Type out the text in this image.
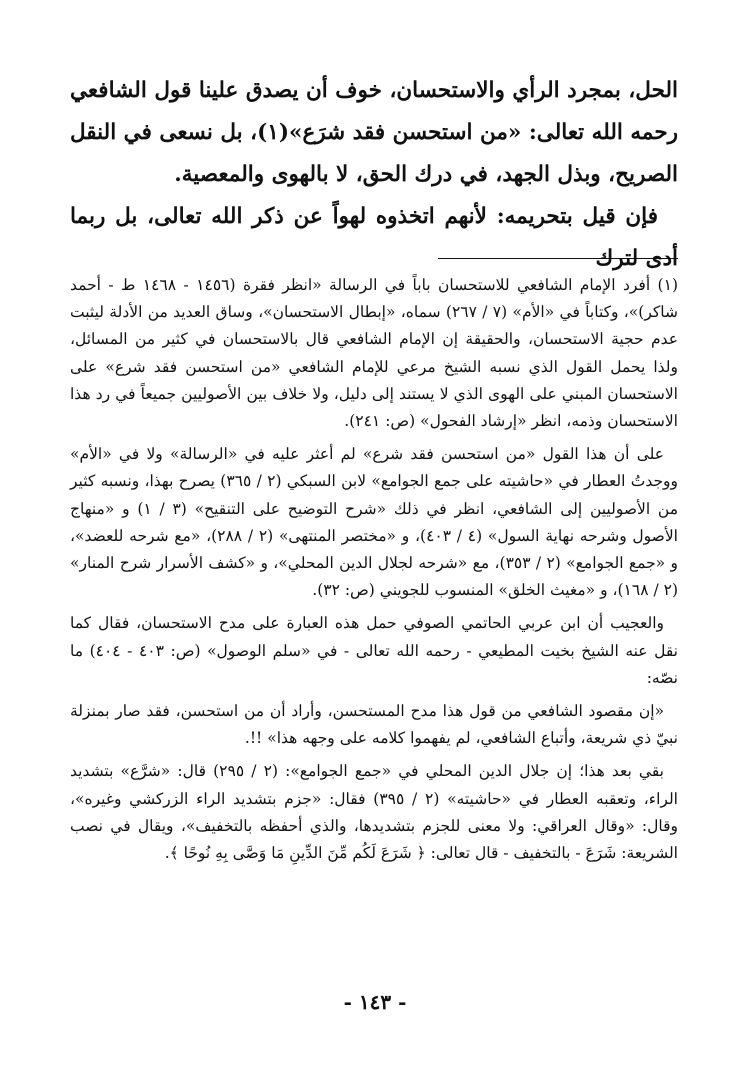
الحل، بمجرد الرأي والاستحسان، خوف أن يصدق علينا قول الشافعي رحمه الله تعالى: «من استحسن فقد شرَع»(١)، بل نسعى في النقل الصريح، وبذل الجهد، في درك الحق، لا بالهوى والمعصية.

فإن قيل بتحريمه: لأنهم اتخذوه لهواً عن ذكر الله تعالى، بل ربما أدى لترك

(١) أفرد الإمام الشافعي للاستحسان باباً في الرسالة «انظر فقرة (١٤٥٦ - ١٤٦٨ ط - أحمد شاكر)»، وكتاباً في «الأم» (٧ / ٢٦٧) سماه، «إبطال الاستحسان»، وساق العديد من الأدلة ليثبت عدم حجية الاستحسان، والحقيقة إن الإمام الشافعي قال بالاستحسان في كثير من المسائل، ولذا يحمل القول الذي نسبه الشيخ مرعي للإمام الشافعي «من استحسن فقد شرع» على الاستحسان المبني على الهوى الذي لا يستند إلى دليل، ولا خلاف بين الأصوليين جميعاً في رد هذا الاستحسان وذمه، انظر «إرشاد الفحول» (ص: ٢٤١).

على أن هذا القول «من استحسن فقد شرع» لم أعثر عليه في «الرسالة» ولا في «الأم» ووجدتُ العطار في «حاشيته على جمع الجوامع» لابن السبكي (٢ / ٣٦٥) يصرح بهذا، ونسبه كثير من الأصوليين إلى الشافعي، انظر في ذلك «شرح التوضيح على التنقيح» (٣ / ١) و «منهاج الأصول وشرحه نهاية السول» (٤ / ٤٠٣)، و «مختصر المنتهى» (٢ / ٢٨٨)، «مع شرحه للعضد»، و «جمع الجوامع» (٢ / ٣٥٣)، مع «شرحه لجلال الدين المحلي»، و «كشف الأسرار شرح المنار» (٢ / ١٦٨)، و «مغيث الخلق» المنسوب للجويني (ص: ٣٢).

والعجيب أن ابن عربي الحاتمي الصوفي حمل هذه العبارة على مدح الاستحسان، فقال كما نقل عنه الشيخ بخيت المطيعي - رحمه الله تعالى - في «سلم الوصول» (ص: ٤٠٣ - ٤٠٤) ما نصّه:

«إن مقصود الشافعي من قول هذا مدح المستحسن، وأراد أن من استحسن، فقد صار بمنزلة نبيّ ذي شريعة، وأتباع الشافعي، لم يفهموا كلامه على وجهه هذا» !!.

بقي بعد هذا؛ إن جلال الدين المحلي في «جمع الجوامع»: (٢ / ٢٩٥) قال: «شرَّع» بتشديد الراء، وتعقبه العطار في «حاشيته» (٢ / ٣٩٥) فقال: «جزم بتشديد الراء الزركشي وغيره»، وقال: «وقال العراقي: ولا معنى للجزم بتشديدها، والذي أحفظه بالتخفيف»، ويقال في نصب الشريعة: شَرَعَ - بالتخفيف - قال تعالى: ﴿ شَرَعَ لَكُم مِّنَ الدِّينِ مَا وَصَّى بِهِ نُوحًا ﴾.

- ١٤٣ -
